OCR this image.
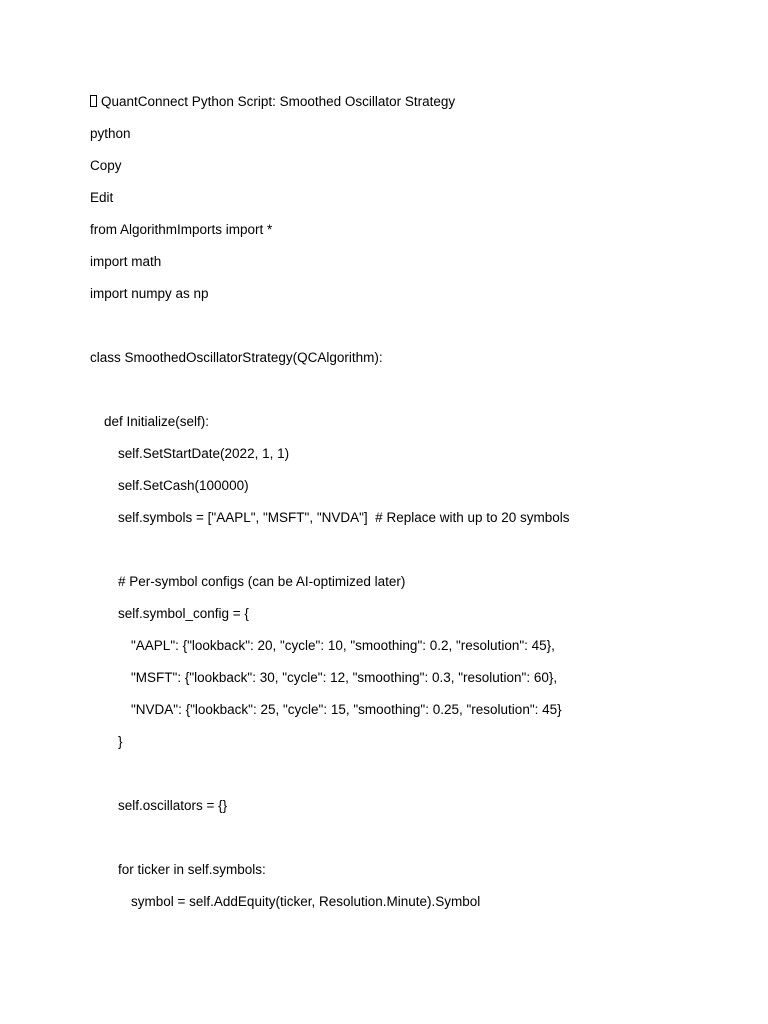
QuantConnect Python Script: Smoothed Oscillator Strategy
python
Copy
Edit
from AlgorithmImports import *
import math
import numpy as np
class SmoothedOscillatorStrategy(QCAlgorithm):
def Initialize(self):
self.SetStartDate(2022, 1, 1)
self.SetCash(100000)
self.symbols = ["AAPL", "MSFT", "NVDA"]  # Replace with up to 20 symbols
# Per-symbol configs (can be AI-optimized later)
self.symbol_config = {
"AAPL": {"lookback": 20, "cycle": 10, "smoothing": 0.2, "resolution": 45},
"MSFT": {"lookback": 30, "cycle": 12, "smoothing": 0.3, "resolution": 60},
"NVDA": {"lookback": 25, "cycle": 15, "smoothing": 0.25, "resolution": 45}
}
self.oscillators = {}
for ticker in self.symbols:
symbol = self.AddEquity(ticker, Resolution.Minute).Symbol
